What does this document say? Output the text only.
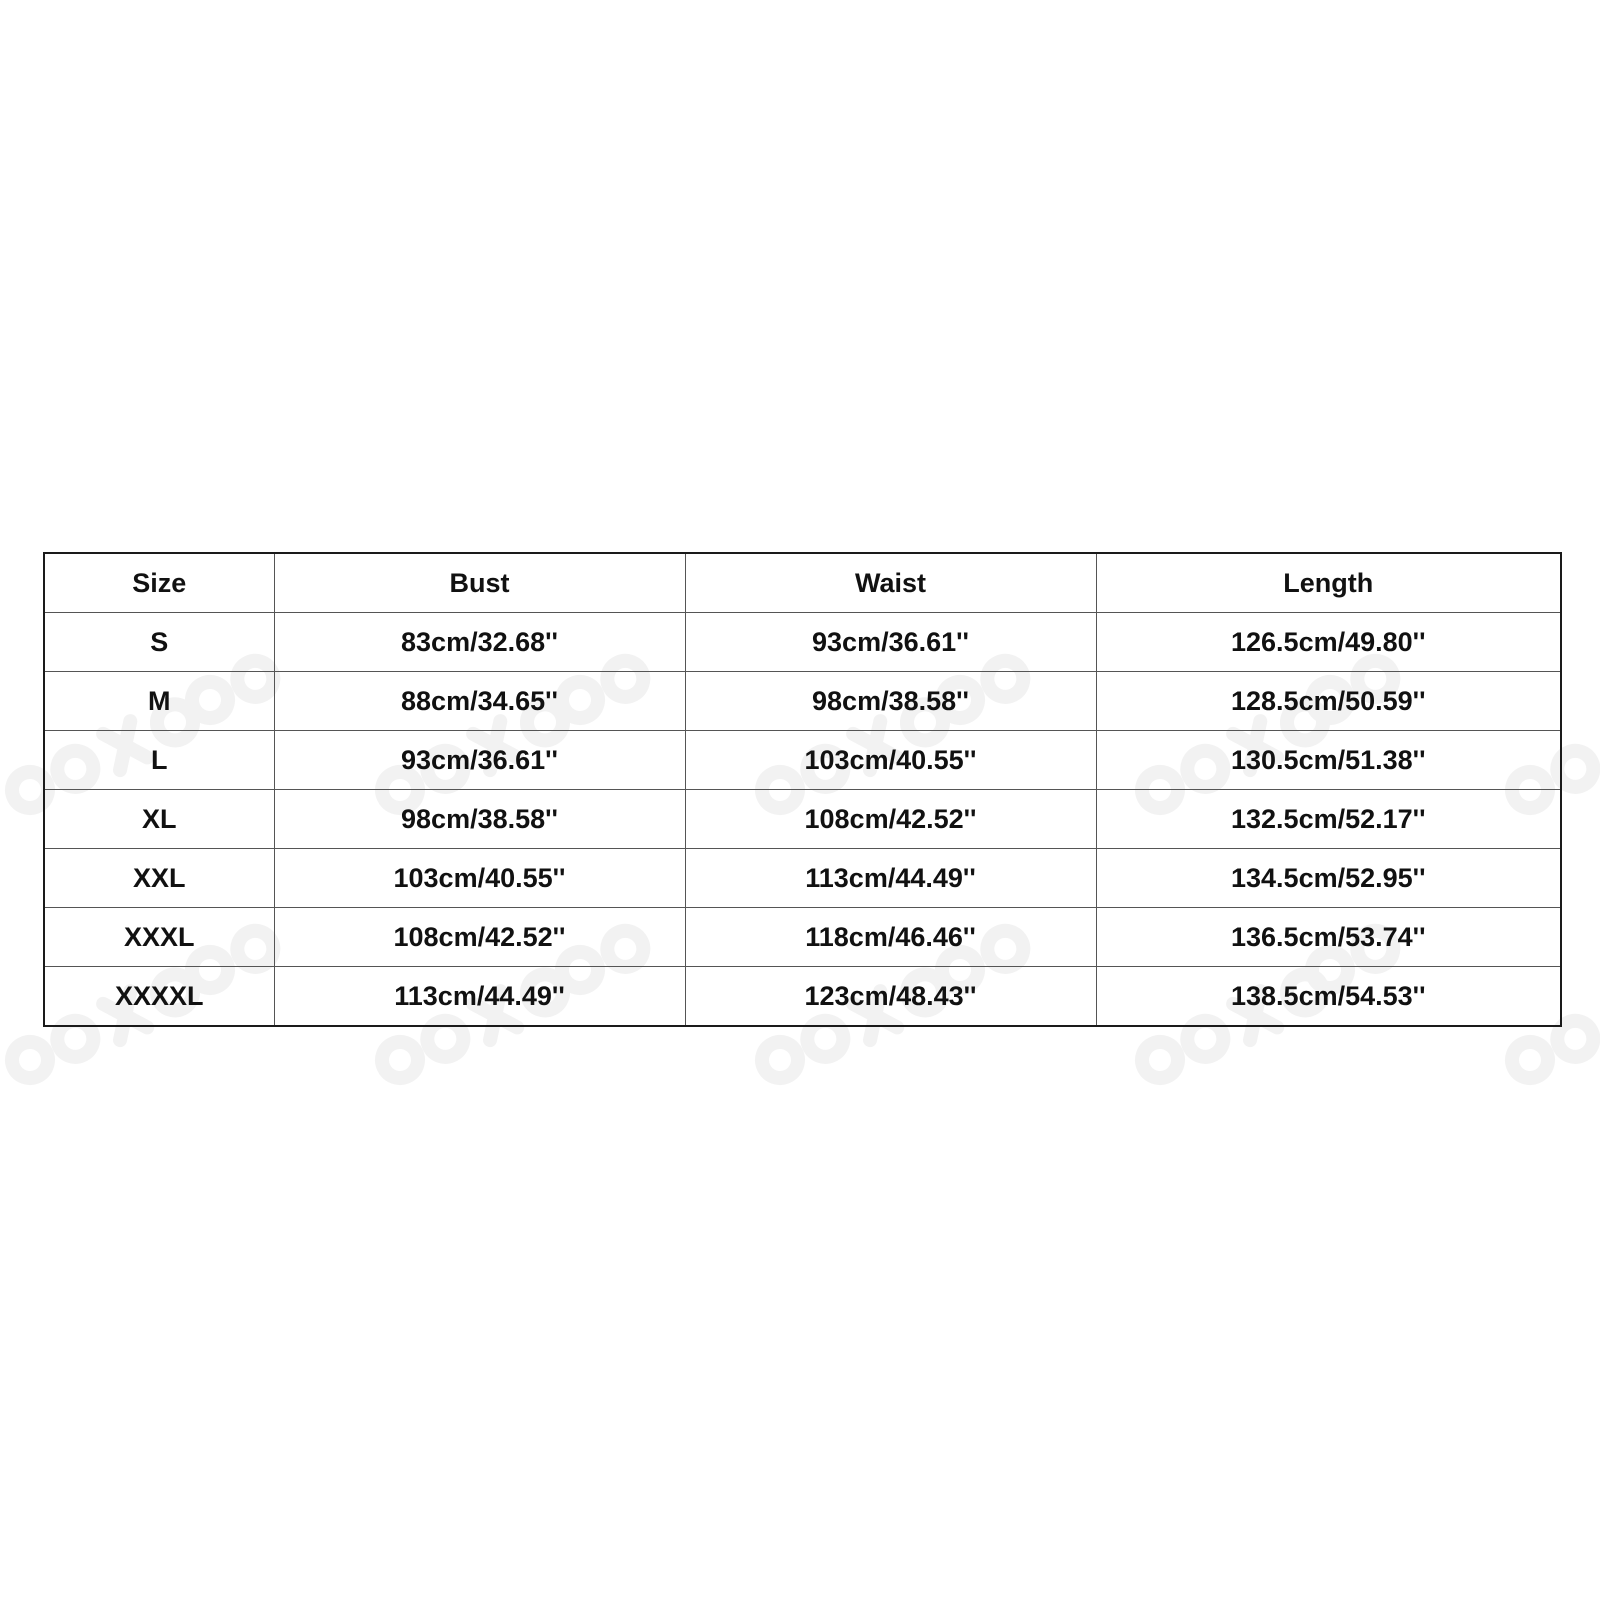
Size	Bust	Waist	Length
S	83cm/32.68''	93cm/36.61''	126.5cm/49.80''
M	88cm/34.65''	98cm/38.58''	128.5cm/50.59''
L	93cm/36.61''	103cm/40.55''	130.5cm/51.38''
XL	98cm/38.58''	108cm/42.52''	132.5cm/52.17''
XXL	103cm/40.55''	113cm/44.49''	134.5cm/52.95''
XXXL	108cm/42.52''	118cm/46.46''	136.5cm/53.74''
XXXXL	113cm/44.49''	123cm/48.43''	138.5cm/54.53''
